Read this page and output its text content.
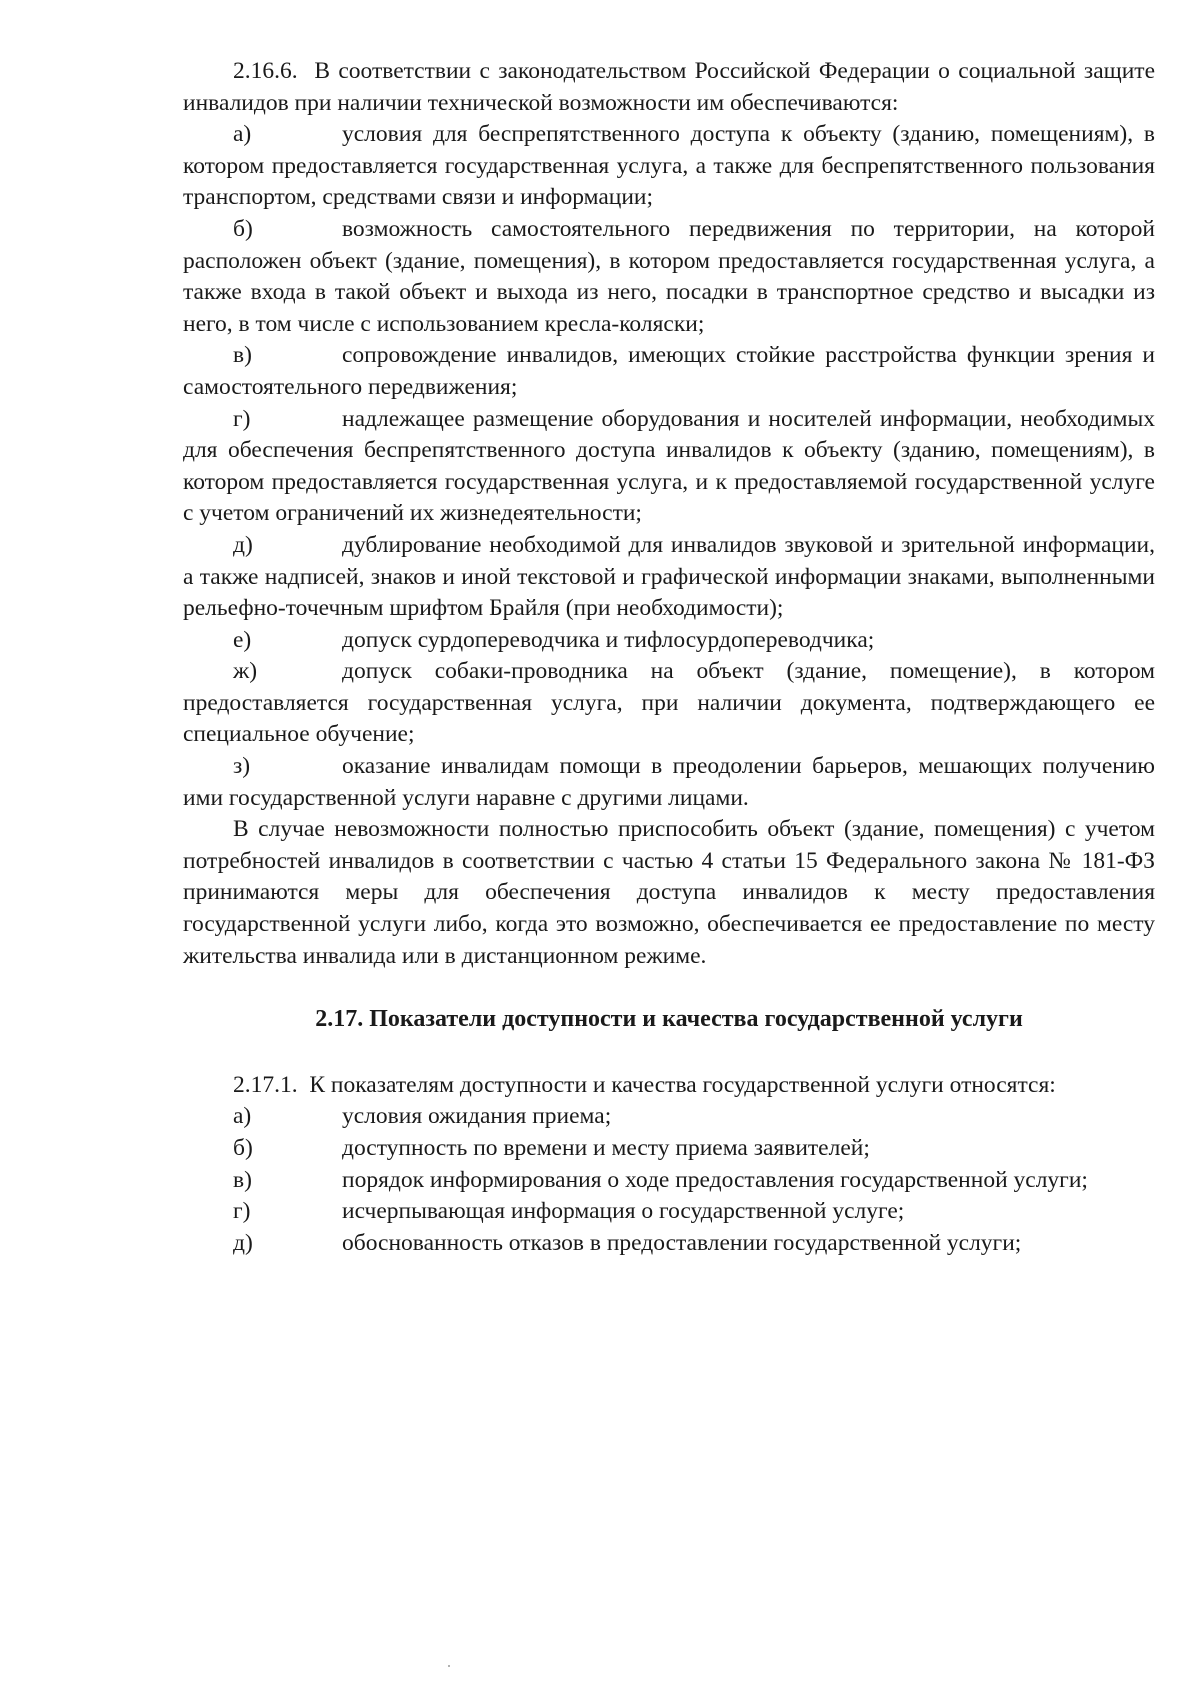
2.16.6. В соответствии с законодательством Российской Федерации о социальной защите инвалидов при наличии технической возможности им обеспечиваются:

а)	условия для беспрепятственного доступа к объекту (зданию, помещениям), в котором предоставляется государственная услуга, а также для беспрепятственного пользования транспортом, средствами связи и информации;

б)	возможность самостоятельного передвижения по территории, на которой расположен объект (здание, помещения), в котором предоставляется государственная услуга, а также входа в такой объект и выхода из него, посадки в транспортное средство и высадки из него, в том числе с использованием кресла-коляски;

в)	сопровождение инвалидов, имеющих стойкие расстройства функции зрения и самостоятельного передвижения;

г)	надлежащее размещение оборудования и носителей информации, необходимых для обеспечения беспрепятственного доступа инвалидов к объекту (зданию, помещениям), в котором предоставляется государственная услуга, и к предоставляемой государственной услуге с учетом ограничений их жизнедеятельности;

д)	дублирование необходимой для инвалидов звуковой и зрительной информации, а также надписей, знаков и иной текстовой и графической информации знаками, выполненными рельефно-точечным шрифтом Брайля (при необходимости);

е)	допуск сурдопереводчика и тифлосурдопереводчика;

ж)	допуск собаки-проводника на объект (здание, помещение), в котором предоставляется государственная услуга, при наличии документа, подтверждающего ее специальное обучение;

з)	оказание инвалидам помощи в преодолении барьеров, мешающих получению ими государственной услуги наравне с другими лицами.

В случае невозможности полностью приспособить объект (здание, помещения) с учетом потребностей инвалидов в соответствии с частью 4 статьи 15 Федерального закона № 181-ФЗ принимаются меры для обеспечения доступа инвалидов к месту предоставления государственной услуги либо, когда это возможно, обеспечивается ее предоставление по месту жительства инвалида или в дистанционном режиме.

2.17. Показатели доступности и качества государственной услуги

2.17.1. К показателям доступности и качества государственной услуги относятся:

а)	условия ожидания приема;

б)	доступность по времени и месту приема заявителей;

в)	порядок информирования о ходе предоставления государственной услуги;

г)	исчерпывающая информация о государственной услуге;

д)	обоснованность отказов в предоставлении государственной услуги;
